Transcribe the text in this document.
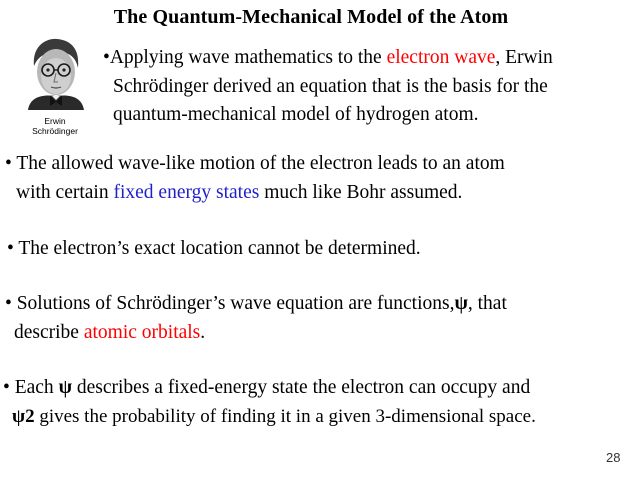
The Quantum-Mechanical Model of the Atom
Erwin
Schrödinger
•Applying wave mathematics to the electron wave, Erwin
Schrödinger derived an equation that is the basis for the
quantum-mechanical model of hydrogen atom.
• The allowed wave-like motion of the electron leads to an atom
with certain fixed energy states much like Bohr assumed.
• The electron’s exact location cannot be determined.
• Solutions of Schrödinger’s wave equation are functions,ψ, that
describe atomic orbitals.
• Each ψ describes a fixed-energy state the electron can occupy and
ψ2 gives the probability of finding it in a given 3-dimensional space.
28
